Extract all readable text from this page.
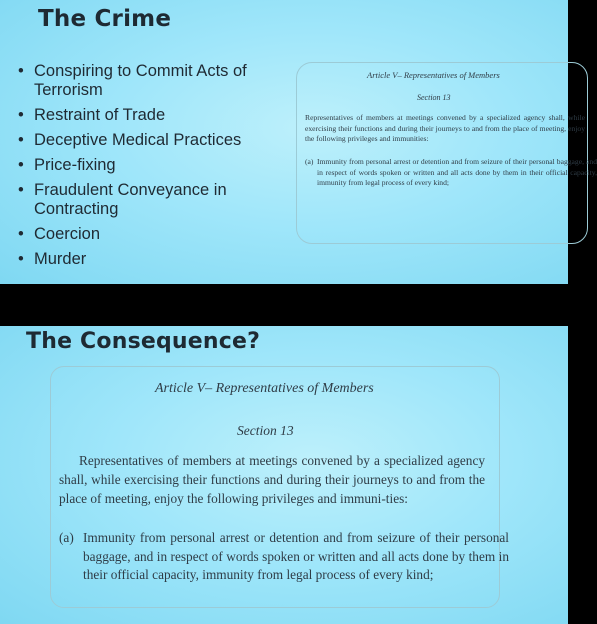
The Crime
• Conspiring to Commit Acts of Terrorism
• Restraint of Trade
• Deceptive Medical Practices
• Price-fixing
• Fraudulent Conveyance in Contracting
• Coercion
• Murder
Article V– Representatives of Members
Section 13
Representatives of members at meetings convened by a specialized agency shall, while exercising their functions and during their journeys to and from the place of meeting, enjoy the following privileges and immunities:
(a) Immunity from personal arrest or detention and from seizure of their personal baggage, and in respect of words spoken or written and all acts done by them in their official capacity, immunity from legal process of every kind;
The Consequence?
Article V– Representatives of Members
Section 13
Representatives of members at meetings convened by a specialized agency shall, while exercising their functions and during their journeys to and from the place of meeting, enjoy the following privileges and immuni-ties:
(a) Immunity from personal arrest or detention and from seizure of their personal baggage, and in respect of words spoken or written and all acts done by them in their official capacity, immunity from legal process of every kind;
